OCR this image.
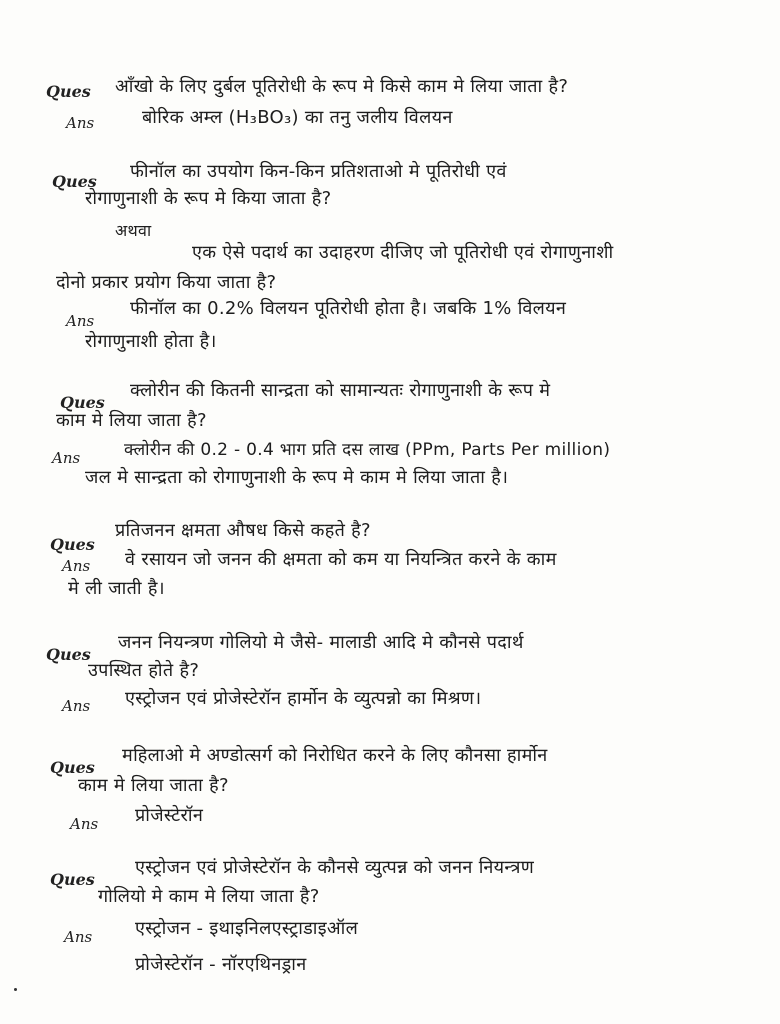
Ques ऑंखो के लिए दुर्बल पूतिरोधी के रूप मे किसे काम मे लिया जाता है?
Ans	बोरिक अम्ल (H₃BO₃) का तनु जलीय विलयन
Ques फीनॉल का उपयोग किन-किन प्रतिशताओ मे पूतिरोधी एवं
रोगाणुनाशी के रूप मे किया जाता है?
अथवा
एक ऐसे पदार्थ का उदाहरण दीजिए जो पूतिरोधी एवं रोगाणुनाशी
दोनो प्रकार प्रयोग किया जाता है?
Ans
फीनॉल का 0.2% विलयन पूतिरोधी होता है। जबकि 1% विलयन
रोगाणुनाशी होता है।
Ques
क्लोरीन की कितनी सान्द्रता को सामान्यतः रोगाणुनाशी के रूप मे
काम मे लिया जाता है?
Ans	क्लोरीन की 0.2 - 0.4 भाग प्रति दस लाख (PPm, Parts Per million)
जल मे सान्द्रता को रोगाणुनाशी के रूप मे काम मे लिया जाता है।
Ques
प्रतिजनन क्षमता औषध किसे कहते है?
Ans वे रसायन जो जनन की क्षमता को कम या नियन्त्रित करने के काम
मे ली जाती है।
Ques
जनन नियन्त्रण गोलियो मे जैसे- मालाडी आदि मे कौनसे पदार्थ
उपस्थित होते है?
Ans एस्ट्रोजन एवं प्रोजेस्टेरॉन हार्मोन के व्युत्पन्नो का मिश्रण।
Ques
महिलाओ मे अण्डोत्सर्ग को निरोधित करने के लिए कौनसा हार्मोन
काम मे लिया जाता है?
Ans प्रोजेस्टेरॉन
Ques
एस्ट्रोजन एवं प्रोजेस्टेरॉन के कौनसे व्युत्पन्न को जनन नियन्त्रण
गोलियो मे काम मे लिया जाता है?
Ans एस्ट्रोजन - इथाइनिलएस्ट्राडाइऑल
प्रोजेस्टेरॉन - नॉरएथिनड्रान
